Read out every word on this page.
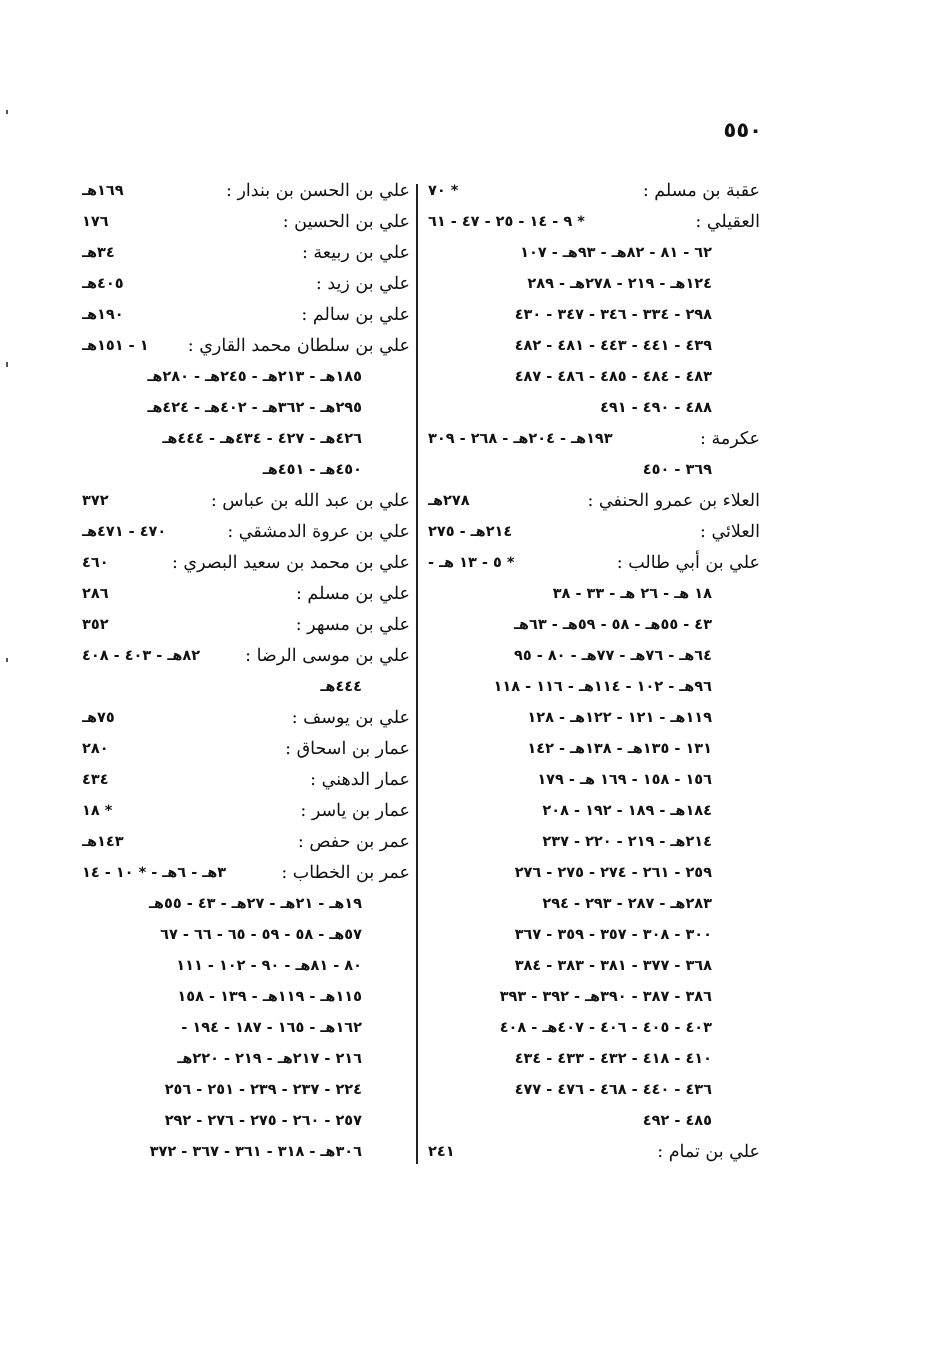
٥٥٠
عقبة بن مسلم :
* ٧٠
العقيلي :
* ٩ - ١٤ - ٢٥ - ٤٧ - ٦١
٦٢ - ٨١ - ٨٢هـ - ٩٣هـ - ١٠٧
١٢٤هـ - ٢١٩ - ٢٧٨هـ - ٢٨٩
٢٩٨ - ٣٣٤ - ٣٤٦ - ٣٤٧ - ٤٣٠
٤٣٩ - ٤٤١ - ٤٤٣ - ٤٨١ - ٤٨٢
٤٨٣ - ٤٨٤ - ٤٨٥ - ٤٨٦ - ٤٨٧
٤٨٨ - ٤٩٠ - ٤٩١
عكرمة :
١٩٣هـ - ٢٠٤هـ - ٢٦٨ - ٣٠٩
٣٦٩ - ٤٥٠
العلاء بن عمرو الحنفي :
٢٧٨هـ
العلائي :
٢١٤هـ - ٢٧٥
علي بن أبي طالب :
* ٥ - ١٣ هـ -
١٨ هـ - ٢٦ هـ - ٣٣ - ٣٨
٤٣ - ٥٥هـ - ٥٨ - ٥٩هـ - ٦٣هـ
٦٤هـ - ٧٦هـ - ٧٧هـ - ٨٠ - ٩٥
٩٦هـ - ١٠٢ - ١١٤هـ - ١١٦ - ١١٨
١١٩هـ - ١٢١ - ١٢٢هـ - ١٢٨
١٣١ - ١٣٥هـ - ١٣٨هـ - ١٤٢
١٥٦ - ١٥٨ - ١٦٩ هـ - ١٧٩
١٨٤هـ - ١٨٩ - ١٩٢ - ٢٠٨
٢١٤هـ - ٢١٩ - ٢٢٠ - ٢٣٧
٢٥٩ - ٢٦١ - ٢٧٤ - ٢٧٥ - ٢٧٦
٢٨٣هـ - ٢٨٧ - ٢٩٣ - ٢٩٤
٣٠٠ - ٣٠٨ - ٣٥٧ - ٣٥٩ - ٣٦٧
٣٦٨ - ٣٧٧ - ٣٨١ - ٣٨٣ - ٣٨٤
٣٨٦ - ٣٨٧ - ٣٩٠هـ - ٣٩٢ - ٣٩٣
٤٠٣ - ٤٠٥ - ٤٠٦ - ٤٠٧هـ - ٤٠٨
٤١٠ - ٤١٨ - ٤٣٢ - ٤٣٣ - ٤٣٤
٤٣٦ - ٤٤٠ - ٤٦٨ - ٤٧٦ - ٤٧٧
٤٨٥ - ٤٩٢
علي بن تمام :
٢٤١
علي بن الحسن بن بندار :
١٦٩هـ
علي بن الحسين :
١٧٦
علي بن ربيعة :
٣٤هـ
علي بن زيد :
٤٠٥هـ
علي بن سالم :
١٩٠هـ
علي بن سلطان محمد القاري :
١ - ١٥١هـ
١٨٥هـ - ٢١٣هـ - ٢٤٥هـ - ٢٨٠هـ
٢٩٥هـ - ٣٦٢هـ - ٤٠٢هـ - ٤٢٤هـ
٤٢٦هـ - ٤٢٧ - ٤٣٤هـ - ٤٤٤هـ
٤٥٠هـ - ٤٥١هـ
علي بن عبد الله بن عباس :
٣٧٢
علي بن عروة الدمشقي :
٤٧٠ - ٤٧١هـ
علي بن محمد بن سعيد البصري :
٤٦٠
علي بن مسلم :
٢٨٦
علي بن مسهر :
٣٥٢
علي بن موسى الرضا :
٨٢هـ - ٤٠٣ - ٤٠٨
٤٤٤هـ
علي بن يوسف :
٧٥هـ
عمار بن اسحاق :
٢٨٠
عمار الدهني :
٤٣٤
عمار بن ياسر :
* ١٨
عمر بن حفص :
١٤٣هـ
عمر بن الخطاب :
٣هـ - ٦هـ - * ١٠ - ١٤
١٩هـ - ٢١هـ - ٢٧هـ - ٤٣ - ٥٥هـ
٥٧هـ - ٥٨ - ٥٩ - ٦٥ - ٦٦ - ٦٧
٨٠ - ٨١هـ - ٩٠ - ١٠٢ - ١١١
١١٥هـ - ١١٩هـ - ١٣٩ - ١٥٨
١٦٢هـ - ١٦٥ - ١٨٧ - ١٩٤ -
٢١٦ - ٢١٧هـ - ٢١٩ - ٢٢٠هـ
٢٢٤ - ٢٣٧ - ٢٣٩ - ٢٥١ - ٢٥٦
٢٥٧ - ٢٦٠ - ٢٧٥ - ٢٧٦ - ٢٩٢
٣٠٦هـ - ٣١٨ - ٣٦١ - ٣٦٧ - ٣٧٢
